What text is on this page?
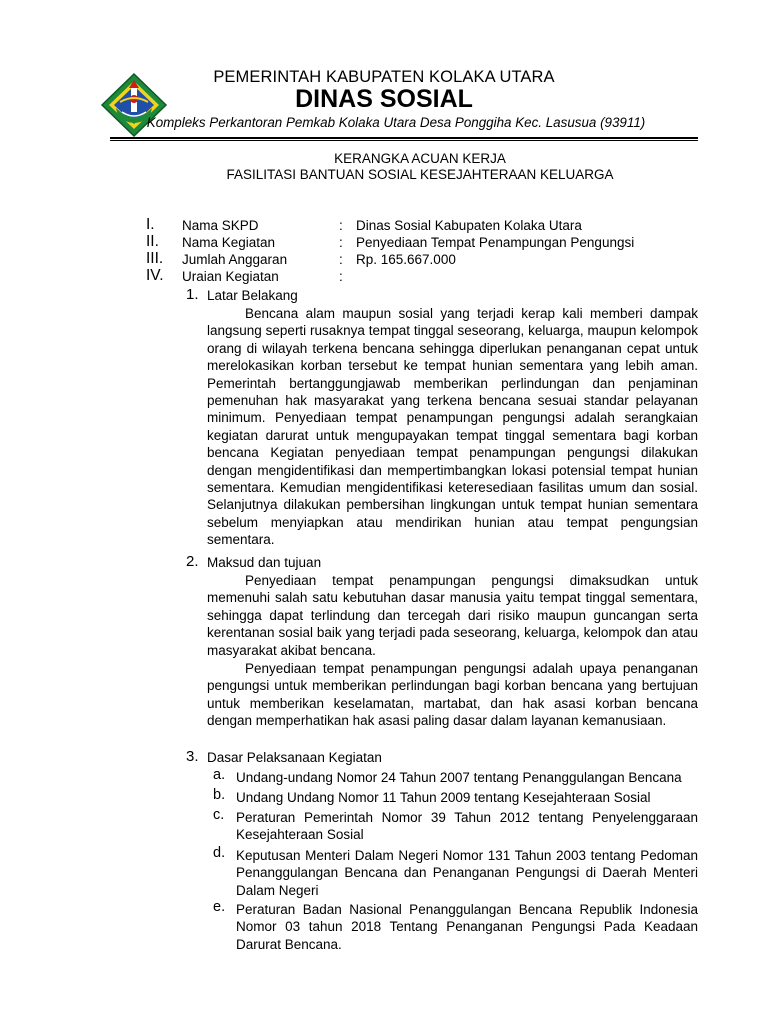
PEMERINTAH KABUPATEN KOLAKA UTARA
DINAS SOSIAL
Kompleks Perkantoran Pemkab Kolaka Utara Desa Ponggiha Kec. Lasusua (93911)
KERANGKA ACUAN KERJA
FASILITASI BANTUAN SOSIAL KESEJAHTERAAN KELUARGA
I. Nama SKPD	: Dinas Sosial Kabupaten Kolaka Utara
II. Nama Kegiatan	: Penyediaan Tempat Penampungan Pengungsi
III. Jumlah Anggaran	: Rp. 165.667.000
IV. Uraian Kegiatan	:
1. Latar Belakang

Bencana alam maupun sosial yang terjadi kerap kali memberi dampak langsung seperti rusaknya tempat tinggal seseorang, keluarga, maupun kelompok orang di wilayah terkena bencana sehingga diperlukan penanganan cepat untuk merelokasikan korban tersebut ke tempat hunian sementara yang lebih aman. Pemerintah bertanggungjawab memberikan perlindungan dan penjaminan pemenuhan hak masyarakat yang terkena bencana sesuai standar pelayanan minimum. Penyediaan tempat penampungan pengungsi adalah serangkaian kegiatan darurat untuk mengupayakan tempat tinggal sementara bagi korban bencana Kegiatan penyediaan tempat penampungan pengungsi dilakukan dengan mengidentifikasi dan mempertimbangkan lokasi potensial tempat hunian sementara. Kemudian mengidentifikasi keteresediaan fasilitas umum dan sosial. Selanjutnya dilakukan pembersihan lingkungan untuk tempat hunian sementara sebelum menyiapkan atau mendirikan hunian atau tempat pengungsian sementara.

2. Maksud dan tujuan

Penyediaan tempat penampungan pengungsi dimaksudkan untuk memenuhi salah satu kebutuhan dasar manusia yaitu tempat tinggal sementara, sehingga dapat terlindung dan tercegah dari risiko maupun guncangan serta kerentanan sosial baik yang terjadi pada seseorang, keluarga, kelompok dan atau masyarakat akibat bencana.

Penyediaan tempat penampungan pengungsi adalah upaya penanganan pengungsi untuk memberikan perlindungan bagi korban bencana yang bertujuan untuk memberikan keselamatan, martabat, dan hak asasi korban bencana dengan memperhatikan hak asasi paling dasar dalam layanan kemanusiaan.

3. Dasar Pelaksanaan Kegiatan
a. Undang-undang Nomor 24 Tahun 2007 tentang Penanggulangan Bencana

b. Undang Undang Nomor 11 Tahun 2009 tentang Kesejahteraan Sosial

c. Peraturan Pemerintah Nomor 39 Tahun 2012 tentang Penyelenggaraan Kesejahteraan Sosial

d. Keputusan Menteri Dalam Negeri Nomor 131 Tahun 2003 tentang Pedoman Penanggulangan Bencana dan Penanganan Pengungsi di Daerah Menteri Dalam Negeri

e. Peraturan Badan Nasional Penanggulangan Bencana Republik Indonesia Nomor 03 tahun 2018 Tentang Penanganan Pengungsi Pada Keadaan Darurat Bencana.
